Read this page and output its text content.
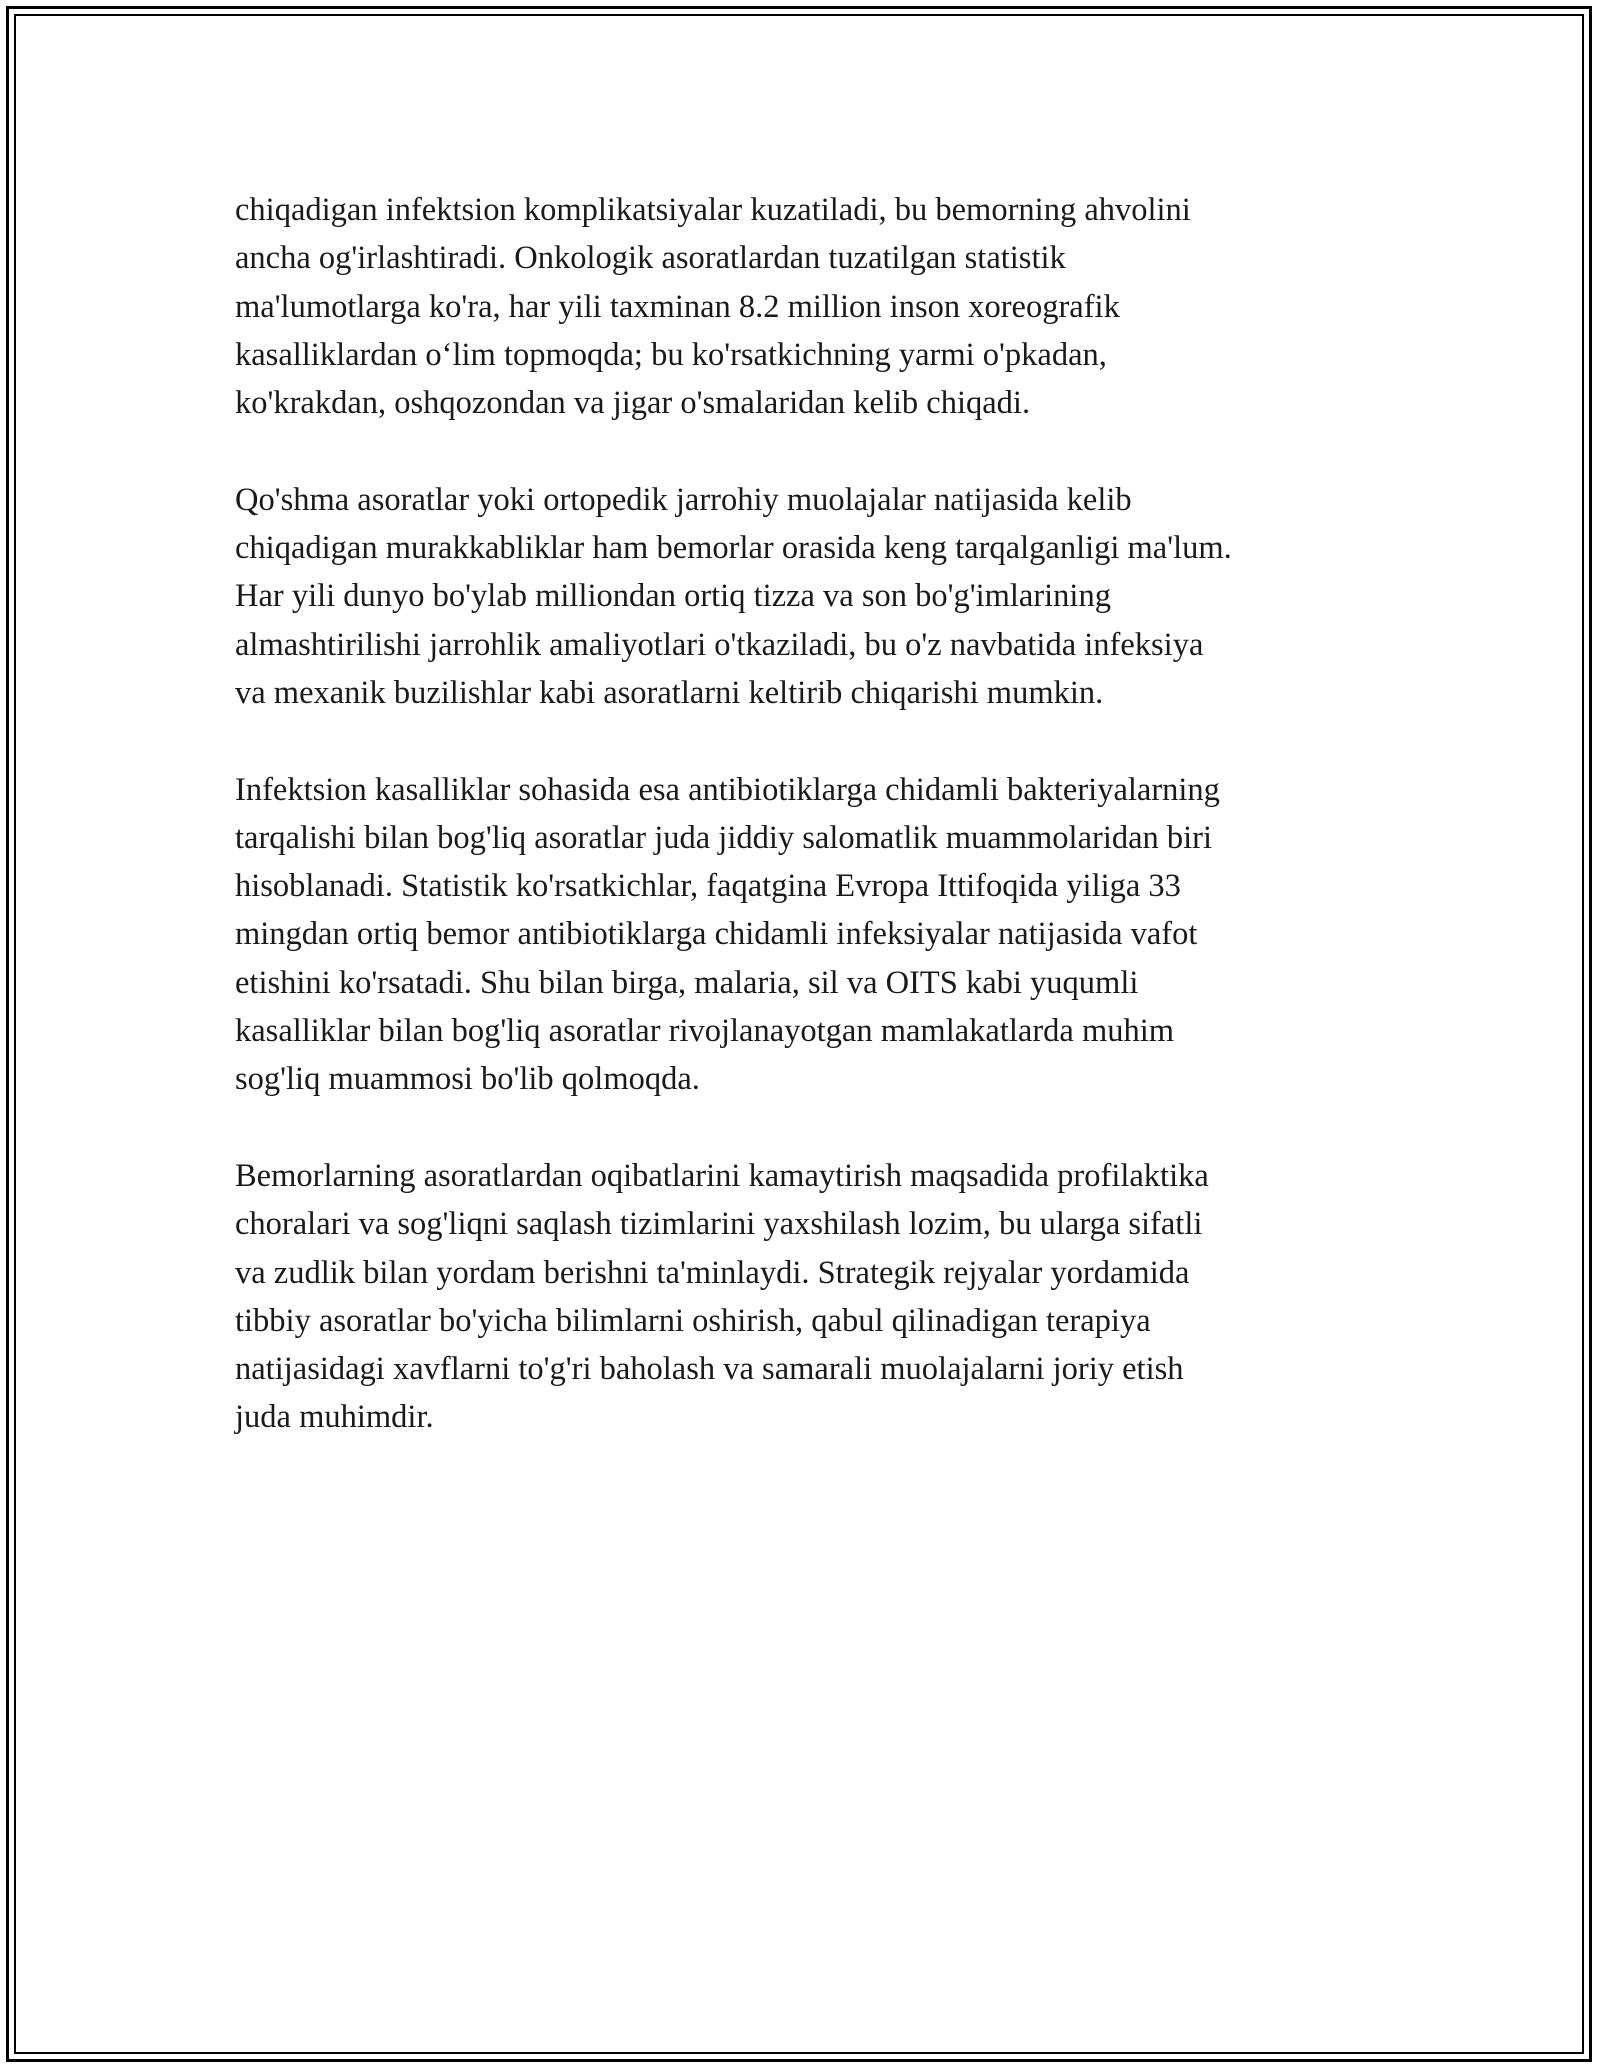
chiqadigan infektsion komplikatsiyalar kuzatiladi, bu bemorning ahvolini
ancha og'irlashtiradi. Onkologik asoratlardan tuzatilgan statistik
ma'lumotlarga ko'ra, har yili taxminan 8.2 million inson xoreografik
kasalliklardan o‘lim topmoqda; bu ko'rsatkichning yarmi o'pkadan,
ko'krakdan, oshqozondan va jigar o'smalaridan kelib chiqadi.

Qo'shma asoratlar yoki ortopedik jarrohiy muolajalar natijasida kelib
chiqadigan murakkabliklar ham bemorlar orasida keng tarqalganligi ma'lum.
Har yili dunyo bo'ylab milliondan ortiq tizza va son bo'g'imlarining
almashtirilishi jarrohlik amaliyotlari o'tkaziladi, bu o'z navbatida infeksiya
va mexanik buzilishlar kabi asoratlarni keltirib chiqarishi mumkin.

Infektsion kasalliklar sohasida esa antibiotiklarga chidamli bakteriyalarning
tarqalishi bilan bog'liq asoratlar juda jiddiy salomatlik muammolaridan biri
hisoblanadi. Statistik ko'rsatkichlar, faqatgina Evropa Ittifoqida yiliga 33
mingdan ortiq bemor antibiotiklarga chidamli infeksiyalar natijasida vafot
etishini ko'rsatadi. Shu bilan birga, malaria, sil va OITS kabi yuqumli
kasalliklar bilan bog'liq asoratlar rivojlanayotgan mamlakatlarda muhim
sog'liq muammosi bo'lib qolmoqda.

Bemorlarning asoratlardan oqibatlarini kamaytirish maqsadida profilaktika
choralari va sog'liqni saqlash tizimlarini yaxshilash lozim, bu ularga sifatli
va zudlik bilan yordam berishni ta'minlaydi. Strategik rejyalar yordamida
tibbiy asoratlar bo'yicha bilimlarni oshirish, qabul qilinadigan terapiya
natijasidagi xavflarni to'g'ri baholash va samarali muolajalarni joriy etish
juda muhimdir.
